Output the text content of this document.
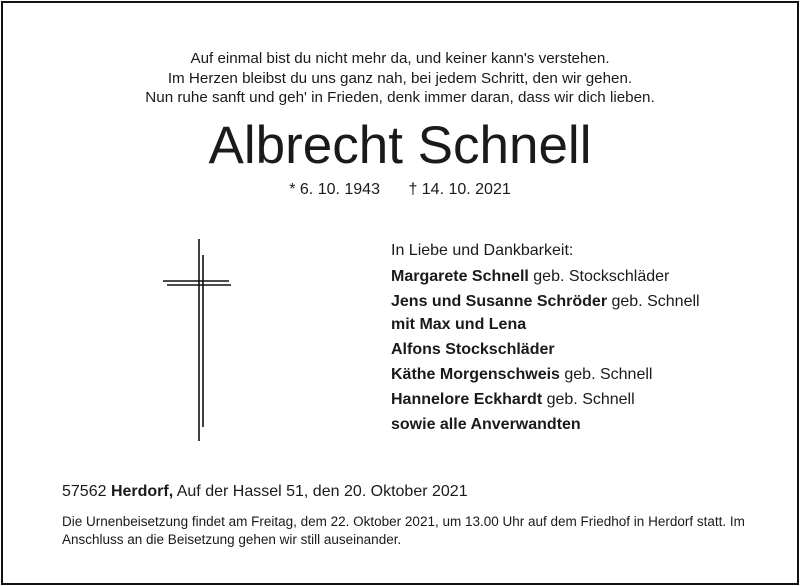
Auf einmal bist du nicht mehr da, und keiner kann's verstehen.
Im Herzen bleibst du uns ganz nah, bei jedem Schritt, den wir gehen.
Nun ruhe sanft und geh' in Frieden, denk immer daran, dass wir dich lieben.
Albrecht Schnell
* 6. 10. 1943 † 14. 10. 2021
In Liebe und Dankbarkeit:
Margarete Schnell geb. Stockschläder
Jens und Susanne Schröder geb. Schnell
mit Max und Lena
Alfons Stockschläder
Käthe Morgenschweis geb. Schnell
Hannelore Eckhardt geb. Schnell
sowie alle Anverwandten
57562 Herdorf, Auf der Hassel 51, den 20. Oktober 2021
Die Urnenbeisetzung findet am Freitag, dem 22. Oktober 2021, um 13.00 Uhr auf dem Friedhof in Herdorf statt. Im Anschluss an die Beisetzung gehen wir still auseinander.
